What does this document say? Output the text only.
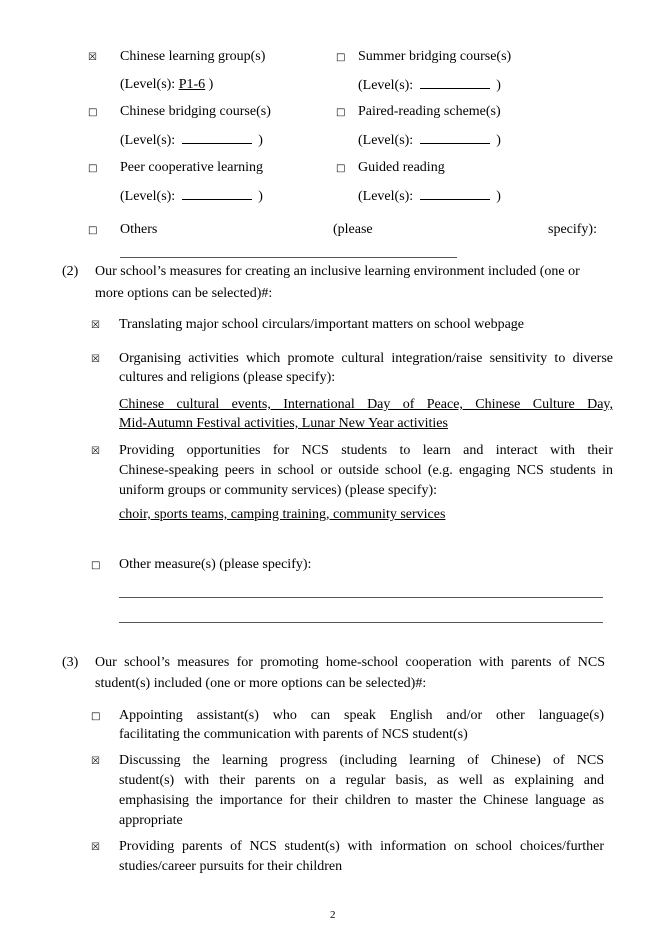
☒ Chinese learning group(s)
(Level(s): P1-6 )
□ Summer bridging course(s)
(Level(s):	)
□ Chinese bridging course(s)
(Level(s):	)
□ Paired-reading scheme(s)
(Level(s):	)
□ Peer cooperative learning
(Level(s):	)
□ Guided reading
(Level(s):	)
□ Others	(please	specify):
(2) Our school’s measures for creating an inclusive learning environment included (one or
more options can be selected)#:
☒ Translating major school circulars/important matters on school webpage
☒ Organising activities which promote cultural integration/raise sensitivity to diverse
cultures and religions (please specify):
Chinese cultural events, International Day of Peace, Chinese Culture Day,
Mid-Autumn Festival activities, Lunar New Year activities
☒ Providing opportunities for NCS students to learn and interact with their
Chinese-speaking peers in school or outside school (e.g. engaging NCS students in
uniform groups or community services) (please specify):
choir, sports teams, camping training, community services
□ Other measure(s) (please specify):
(3) Our school’s measures for promoting home-school cooperation with parents of NCS
student(s) included (one or more options can be selected)#:
□ Appointing assistant(s) who can speak English and/or other language(s)
facilitating the communication with parents of NCS student(s)
☒ Discussing the learning progress (including learning of Chinese) of NCS
student(s) with their parents on a regular basis, as well as explaining and
emphasising the importance for their children to master the Chinese language as
appropriate
☒ Providing parents of NCS student(s) with information on school choices/further
studies/career pursuits for their children
2
